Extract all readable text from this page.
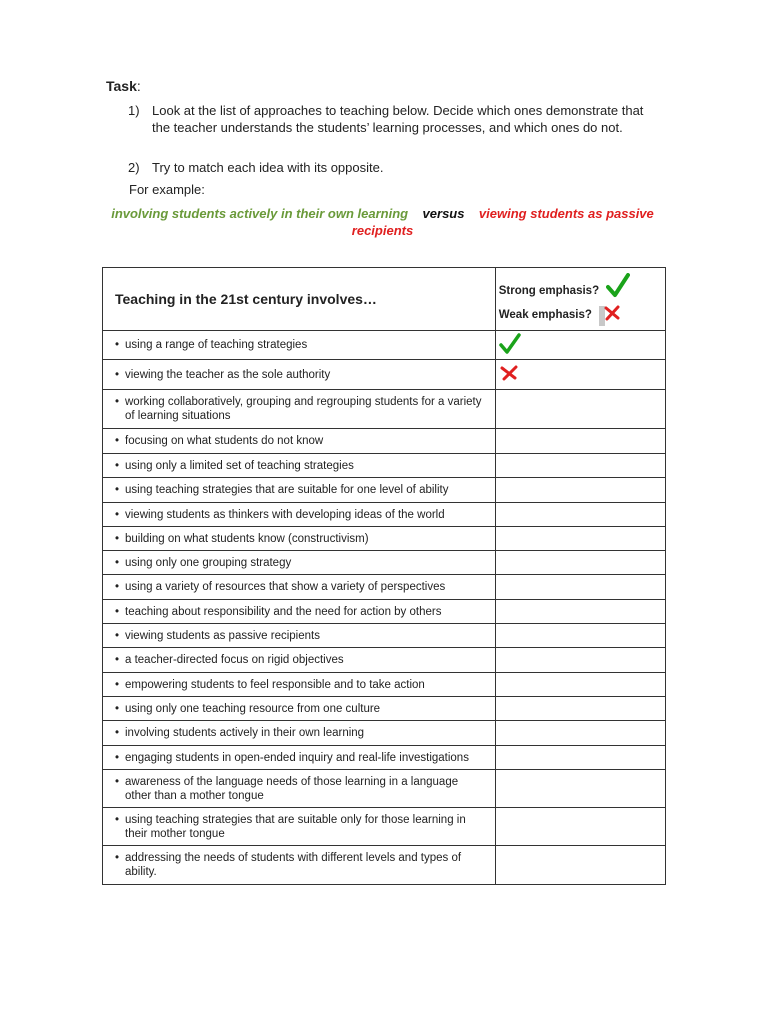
Task:
1) Look at the list of approaches to teaching below. Decide which ones demonstrate that the teacher understands the students’ learning processes, and which ones do not.
2) Try to match each idea with its opposite.
For example:
involving students actively in their own learning versus viewing students as passive recipients
Teaching in the 21st century involves…	Strong emphasis?
Weak emphasis?

• using a range of teaching strategies

• viewing the teacher as the sole authority

• working collaboratively, grouping and regrouping students for a variety of learning situations	

• focusing on what students do not know	

• using only a limited set of teaching strategies	

• using teaching strategies that are suitable for one level of ability	

• viewing students as thinkers with developing ideas of the world	

• building on what students know (constructivism)	

• using only one grouping strategy	

• using a variety of resources that show a variety of perspectives	

• teaching about responsibility and the need for action by others	

• viewing students as passive recipients	

• a teacher-directed focus on rigid objectives	

• empowering students to feel responsible and to take action	

• using only one teaching resource from one culture	

• involving students actively in their own learning	

• engaging students in open-ended inquiry and real-life investigations	

• awareness of the language needs of those learning in a language other than a mother tongue	

• using teaching strategies that are suitable only for those learning in their mother tongue	

• addressing the needs of students with different levels and types of ability.	
